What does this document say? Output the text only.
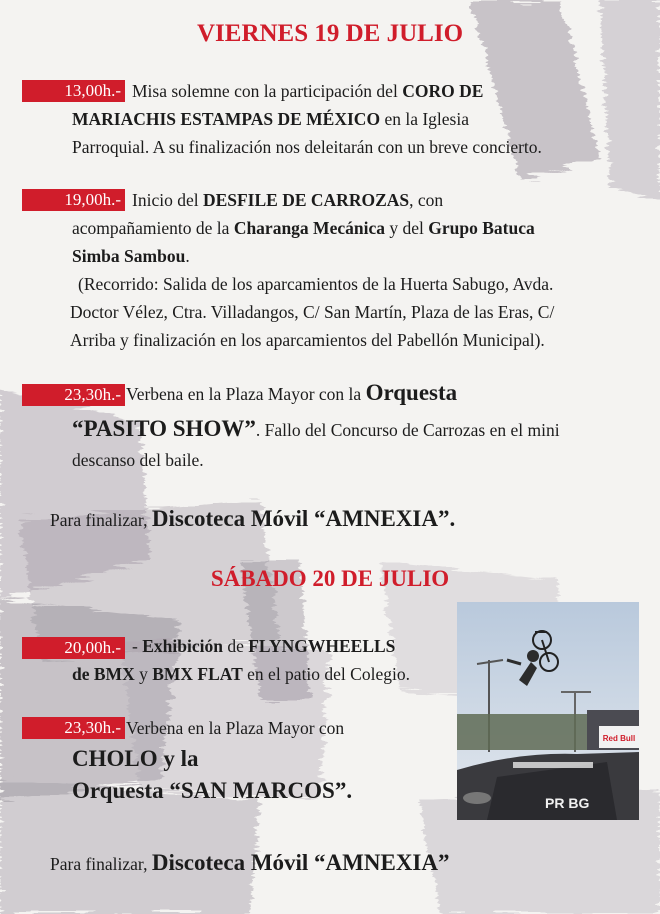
VIERNES 19 DE JULIO
13,00h.- Misa solemne con la participación del CORO DE
MARIACHIS ESTAMPAS DE MÉXICO en la Iglesia
Parroquial. A su finalización nos deleitarán con un breve concierto.
19,00h.- Inicio del DESFILE DE CARROZAS, con
acompañamiento de la Charanga Mecánica y del Grupo Batuca
Simba Sambou.
(Recorrido: Salida de los aparcamientos de la Huerta Sabugo, Avda.
Doctor Vélez, Ctra. Villadangos, C/ San Martín, Plaza de las Eras, C/
Arriba y finalización en los aparcamientos del Pabellón Municipal).
23,30h.- Verbena en la Plaza Mayor con la Orquesta
“PASITO SHOW”. Fallo del Concurso de Carrozas en el mini
descanso del baile.
Para finalizar, Discoteca Móvil “AMNEXIA”.
SÁBADO 20 DE JULIO
20,00h.- - Exhibición de FLYNGWHEELLS
de BMX y BMX FLAT en el patio del Colegio.
23,30h.- Verbena en la Plaza Mayor con
CHOLO y la
Orquesta “SAN MARCOS”.
Para finalizar, Discoteca Móvil “AMNEXIA”
Red Bull
PR BG
